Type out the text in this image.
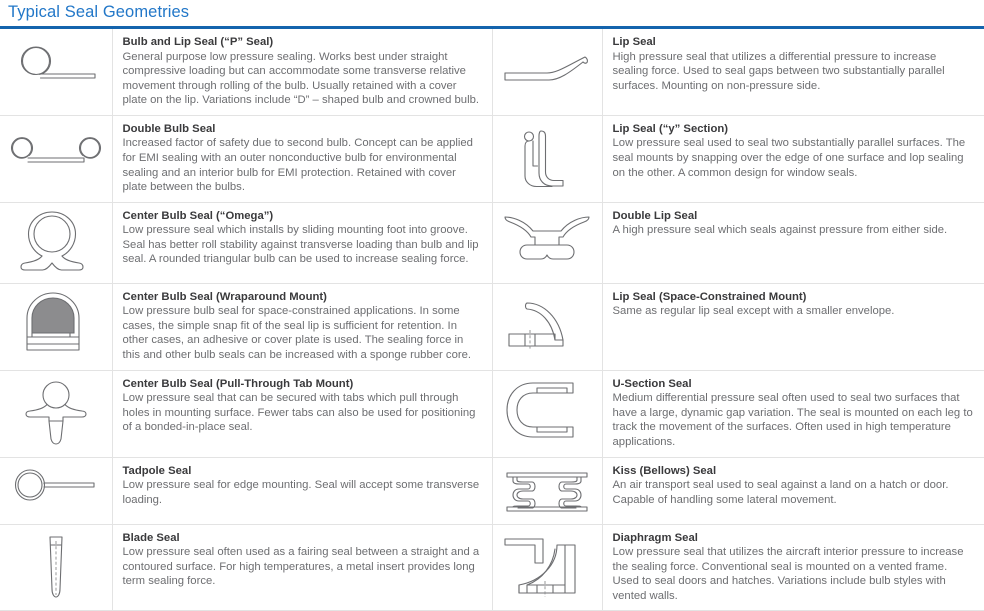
Typical Seal Geometries

Bulb and Lip Seal (“P” Seal)

General purpose low pressure sealing. Works best under straight compressive loading but can accommodate some transverse relative movement through rolling of the bulb. Usually retained with a cover plate on the lip. Variations include “D” – shaped bulb and crowned bulb.

Lip Seal

High pressure seal that utilizes a differential pressure to increase sealing force. Used to seal gaps between two substantially parallel surfaces. Mounting on non-pressure side.

Double Bulb Seal

Increased factor of safety due to second bulb. Concept can be applied for EMI sealing with an outer nonconductive bulb for environmental sealing and an interior bulb for EMI protection. Retained with cover plate between the bulbs.

Lip Seal (“y” Section)

Low pressure seal used to seal two substantially parallel surfaces. The seal mounts by snapping over the edge of one surface and lop sealing on the other. A common design for window seals.

Center Bulb Seal (“Omega”)

Low pressure seal which installs by sliding mounting foot into groove. Seal has better roll stability against transverse loading than bulb and lip seal. A rounded triangular bulb can be used to increase sealing force.

Double Lip Seal

A high pressure seal which seals against pressure from either side.

Center Bulb Seal (Wraparound Mount)

Low pressure bulb seal for space-constrained applications. In some cases, the simple snap fit of the seal lip is sufficient for retention. In other cases, an adhesive or cover plate is used. The sealing force in this and other bulb seals can be increased with a sponge rubber core.

Lip Seal (Space-Constrained Mount)

Same as regular lip seal except with a smaller envelope.

Center Bulb Seal (Pull-Through Tab Mount)

Low pressure seal that can be secured with tabs which pull through holes in mounting surface. Fewer tabs can also be used for positioning of a bonded-in-place seal.

U-Section Seal

Medium differential pressure seal often used to seal two surfaces that have a large, dynamic gap variation. The seal is mounted on each leg to track the movement of the surfaces. Often used in high temperature applications.

Tadpole Seal

Low pressure seal for edge mounting. Seal will accept some transverse loading.

Kiss (Bellows) Seal

An air transport seal used to seal against a land on a hatch or door. Capable of handling some lateral movement.

Blade Seal

Low pressure seal often used as a fairing seal between a straight and a contoured surface. For high temperatures, a metal insert provides long term sealing force.

Diaphragm Seal

Low pressure seal that utilizes the aircraft interior pressure to increase the sealing force. Conventional seal is mounted on a vented frame. Used to seal doors and hatches. Variations include bulb styles with vented walls.
